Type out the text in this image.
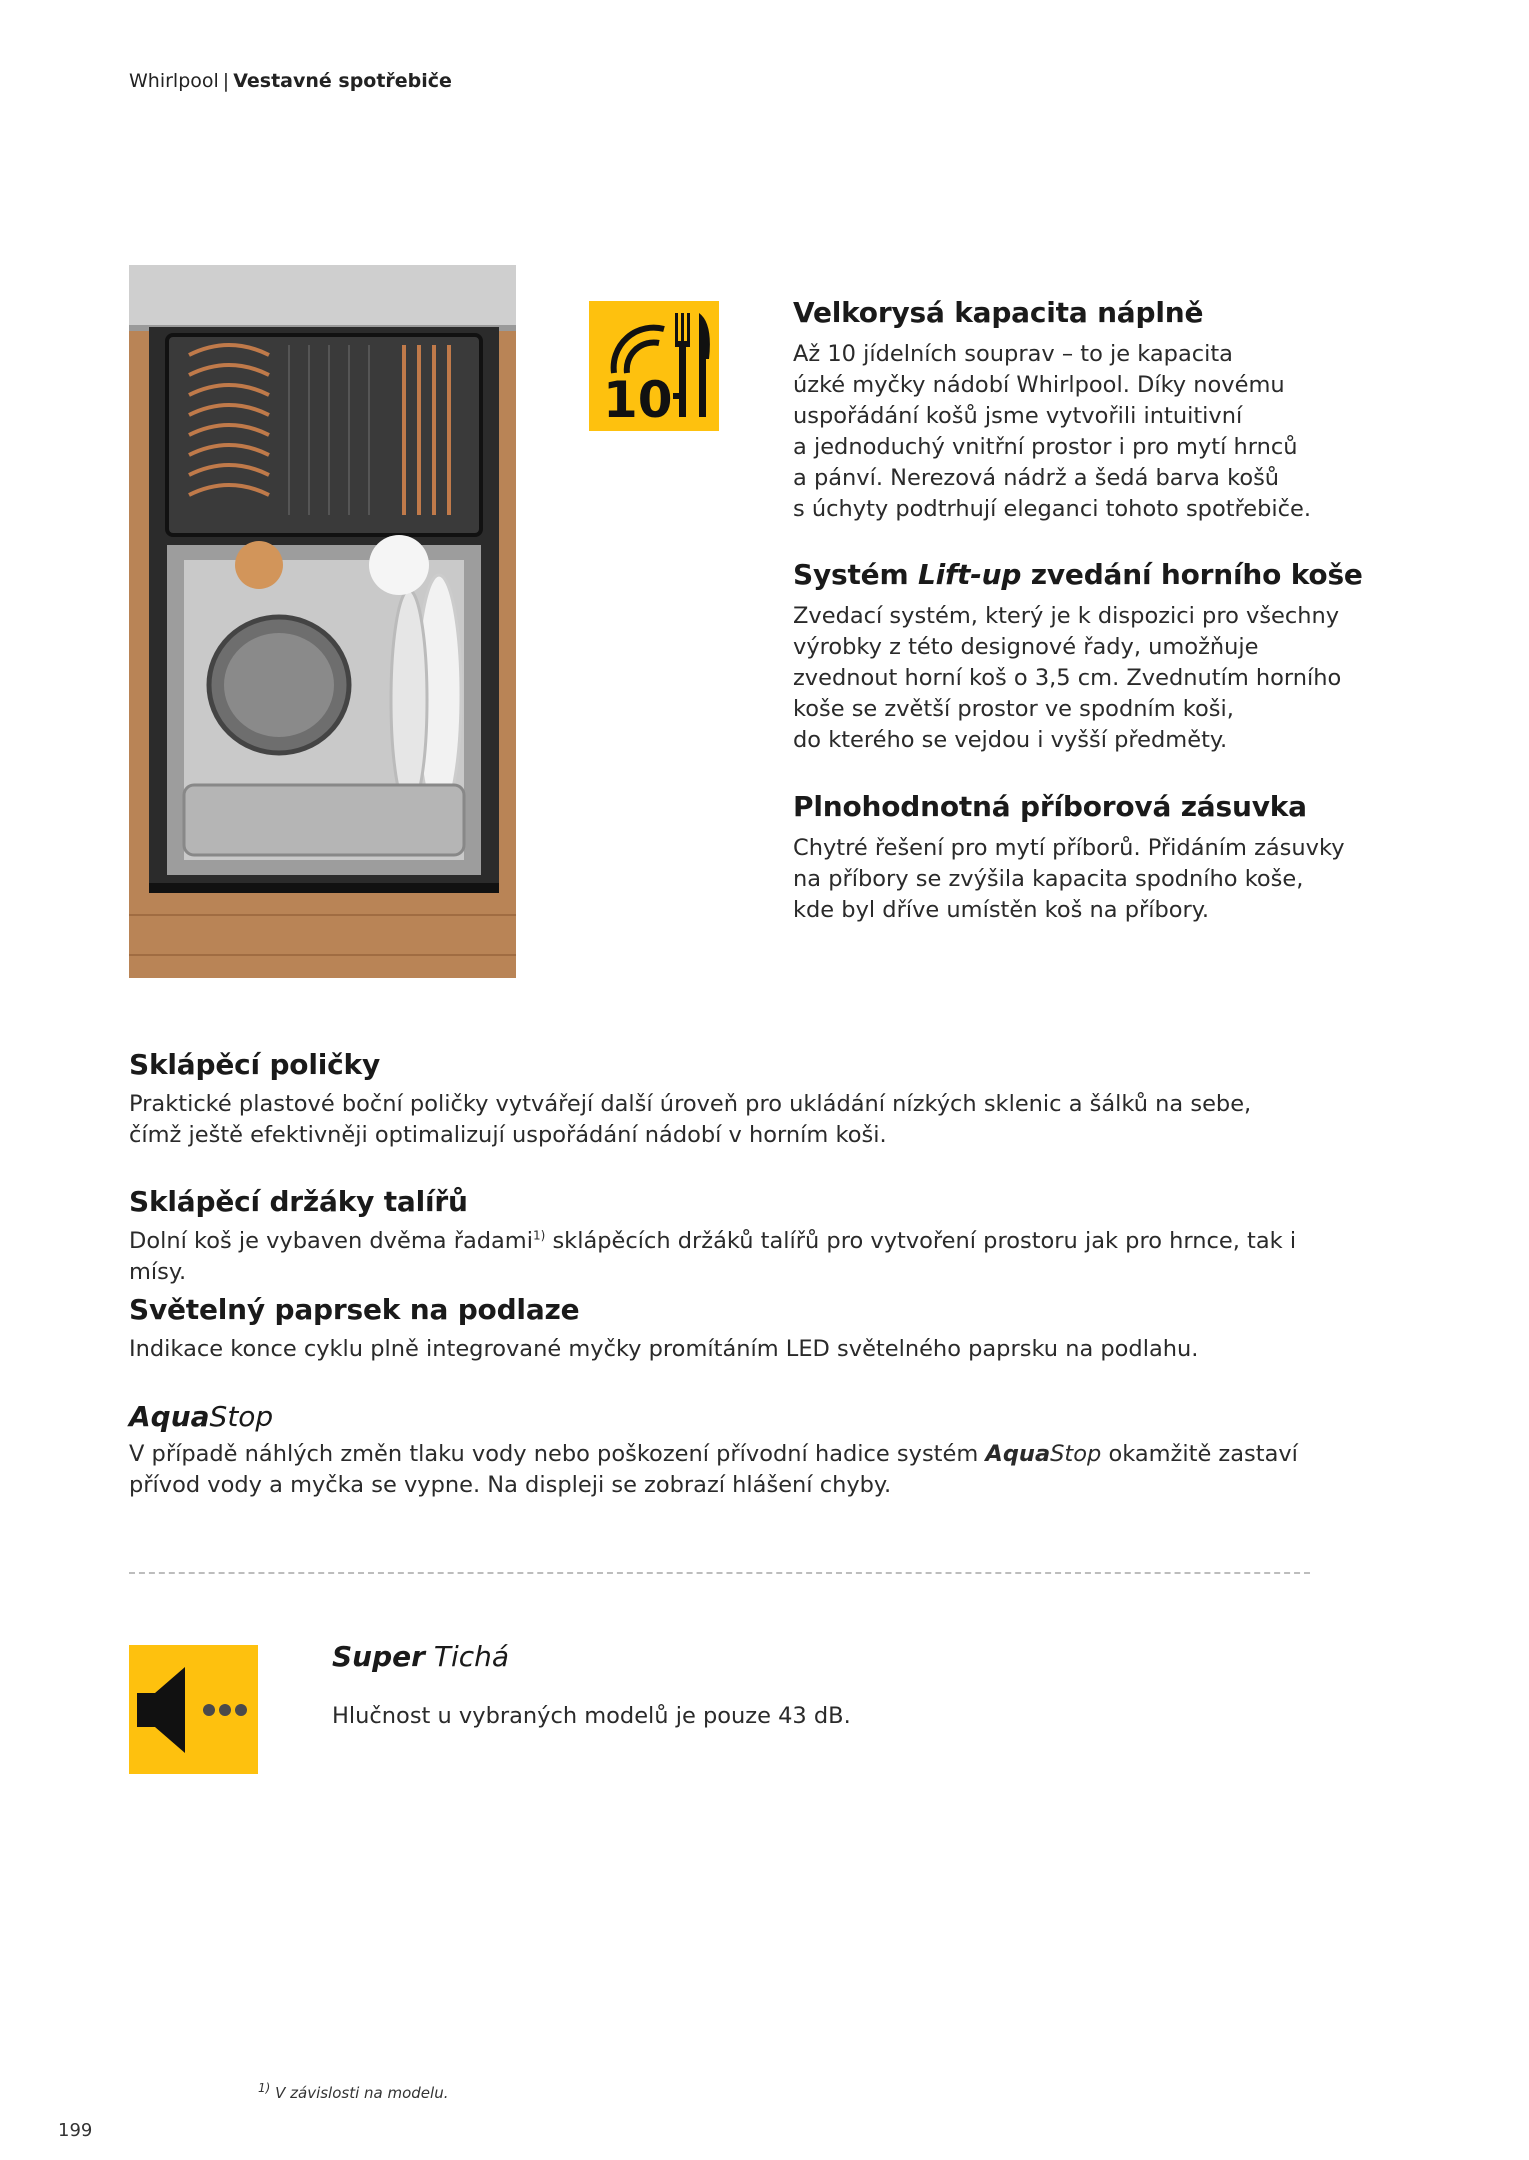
Whirlpool | Vestavné spotřebiče
10
Velkorysá kapacita náplně

Až 10 jídelních souprav – to je kapacita
úzké myčky nádobí Whirlpool. Díky novému
uspořádání košů jsme vytvořili intuitivní
a jednoduchý vnitřní prostor i pro mytí hrnců
a pánví. Nerezová nádrž a šedá barva košů
s úchyty podtrhují eleganci tohoto spotřebiče.

Systém Lift-up zvedání horního koše

Zvedací systém, který je k dispozici pro všechny
výrobky z této designové řady, umožňuje
zvednout horní koš o 3,5 cm. Zvednutím horního
koše se zvětší prostor ve spodním koši,
do kterého se vejdou i vyšší předměty.

Plnohodnotná příborová zásuvka

Chytré řešení pro mytí příborů. Přidáním zásuvky
na příbory se zvýšila kapacita spodního koše,
kde byl dříve umístěn koš na příbory.

Sklápěcí poličky

Praktické plastové boční poličky vytvářejí další úroveň pro ukládání nízkých sklenic a šálků na sebe, čímž ještě efektivněji optimalizují uspořádání nádobí v horním koši.

Sklápěcí držáky talířů

Dolní koš je vybaven dvěma řadami$^{1)}$ sklápěcích držáků talířů pro vytvoření prostoru jak pro hrnce, tak i mísy.

Světelný paprsek na podlaze

Indikace konce cyklu plně integrované myčky promítáním LED světelného paprsku na podlahu.

AquaStop

V případě náhlých změn tlaku vody nebo poškození přívodní hadice systém AquaStop okamžitě zastaví přívod vody a myčka se vypne. Na displeji se zobrazí hlášení chyby.

Super Tichá

Hlučnost u vybraných modelů je pouze 43 dB.

$^{1)}$ V závislosti na modelu.
199
